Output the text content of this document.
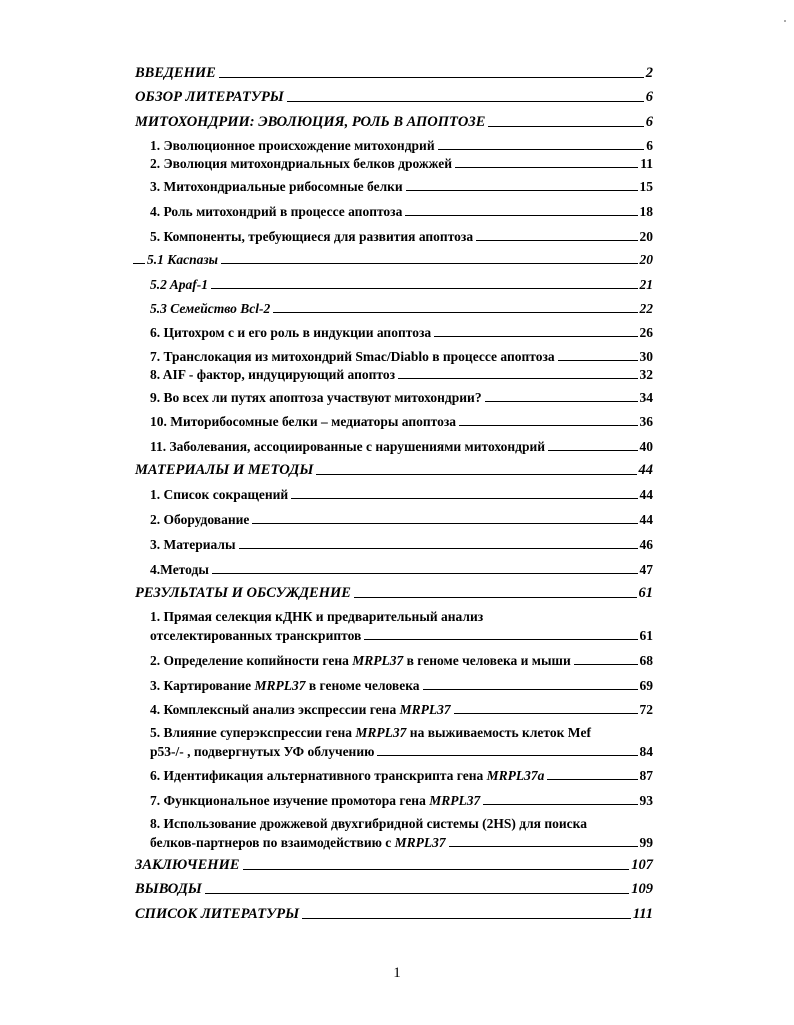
ВВЕДЕНИЕ	2
ОБЗОР ЛИТЕРАТУРЫ	6
МИТОХОНДРИИ: ЭВОЛЮЦИЯ, РОЛЬ В АПОПТОЗЕ	6
1. Эволюционное происхождение митохондрий	6
2. Эволюция митохондриальных белков дрожжей	11
3. Митохондриальные рибосомные белки	15
4. Роль митохондрий в процессе апоптоза	18
5. Компоненты, требующиеся для развития апоптоза	20
5.1 Каспазы	20
5.2 Apaf-1	21
5.3 Семейство Bcl-2	22
6. Цитохром с и его роль в индукции апоптоза	26
7. Транслокация из митохондрий Smac/Diablo в процессе апоптоза	30
8. AIF - фактор, индуцирующий апоптоз	32
9. Во всех ли путях апоптоза участвуют митохондрии?	34
10. Миторибосомные белки – медиаторы апоптоза	36
11. Заболевания, ассоциированные с нарушениями митохондрий	40
МАТЕРИАЛЫ И МЕТОДЫ	44
1. Список сокращений	44
2. Оборудование	44
3. Материалы	46
4.Методы	47
РЕЗУЛЬТАТЫ И ОБСУЖДЕНИЕ	61
1. Прямая селекция кДНК и предварительный анализ
отселектированных транскриптов	61
2. Определение копийности гена MRPL37 в геноме человека и мыши	68
3. Картирование MRPL37 в геноме человека	69
4. Комплексный анализ экспрессии гена MRPL37	72
5. Влияние суперэкспрессии гена MRPL37 на выживаемость клеток Mef
p53-/- , подвергнутых УФ облучению	84
6. Идентификация альтернативного транскрипта гена MRPL37a	87
7. Функциональное изучение промотора гена MRPL37	93
8. Использование дрожжевой двухгибридной системы (2HS) для поиска
белков-партнеров по взаимодействию с MRPL37	99
ЗАКЛЮЧЕНИЕ	107
ВЫВОДЫ	109
СПИСОК ЛИТЕРАТУРЫ	111
1
